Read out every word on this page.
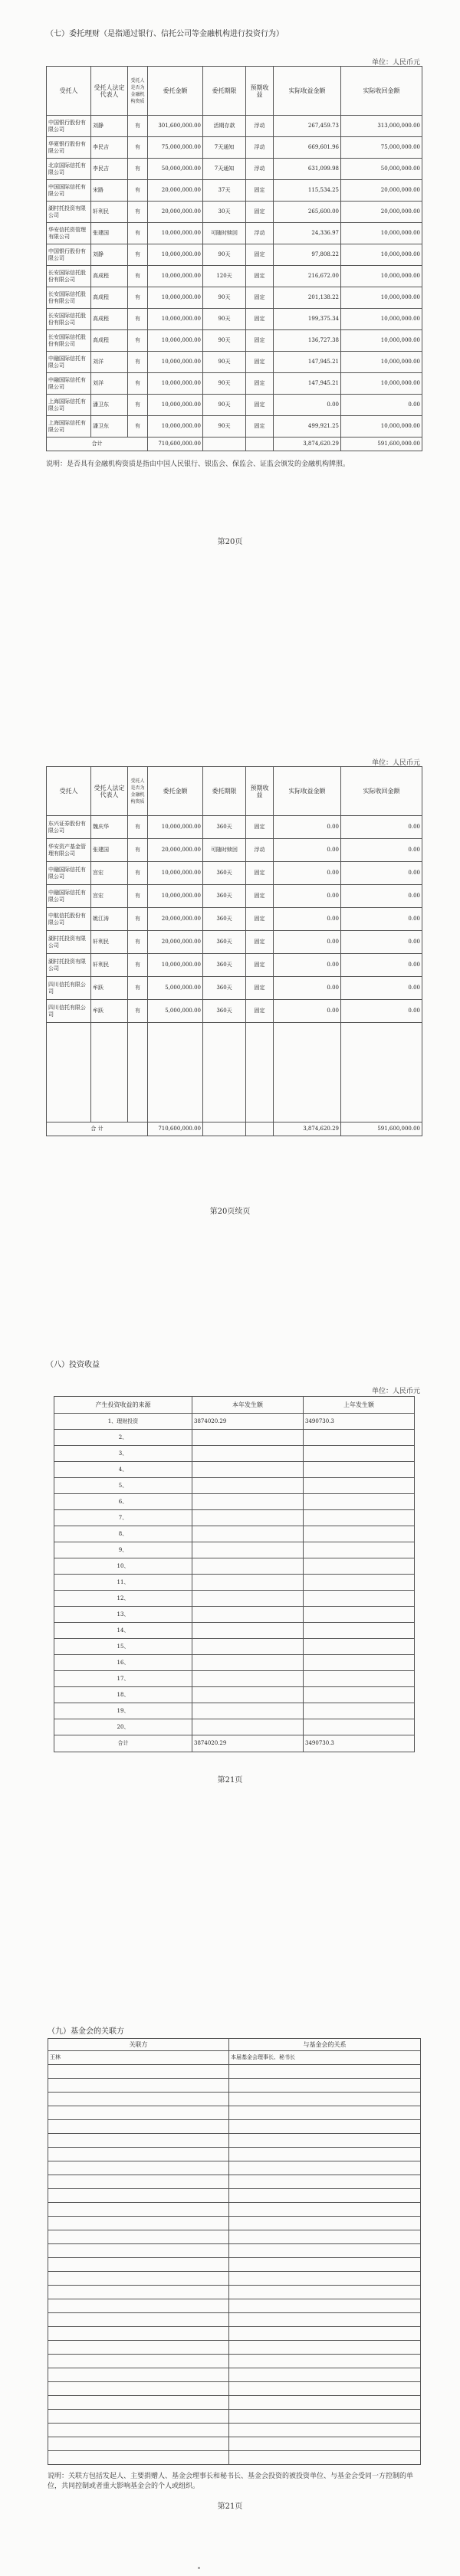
（七）委托理财（是指通过银行、信托公司等金融机构进行投资行为）
单位：人民币元
受托人	受托人法定代表人	受托人是否为金融机构资质	委托金额	委托期限	预期收益	实际收益金额	实际收回金额
中国银行股份有限公司	刘静	有	301,600,000.00	活期存款	浮动	267,459.73	313,000,000.00
华夏银行股份有限公司	李民吉	有	75,000,000.00	7天通知	浮动	669,601.96	75,000,000.00
北京国际信托有限公司	李民吉	有	50,000,000.00	7天通知	浮动	631,099.98	50,000,000.00
中国国际信托有限公司	宋路	有	20,000,000.00	37天	固定	115,534.25	20,000,000.00
湖村托投资有限公司	轩利民	有	20,000,000.00	30天	固定	265,600.00	20,000,000.00
华安信托资管理有限公司	张建国	有	10,000,000.00	可随时赎回	浮动	24,336.97	10,000,000.00
中国银行股份有限公司	刘静	有	10,000,000.00	90天	固定	97,808.22	10,000,000.00
长安国际信托股份有限公司	高成程	有	10,000,000.00	120天	固定	216,672.00	10,000,000.00
长安国际信托股份有限公司	高成程	有	10,000,000.00	90天	固定	201,138.22	10,000,000.00
长安国际信托股份有限公司	高成程	有	10,000,000.00	90天	固定	199,375.34	10,000,000.00
长安国际信托股份有限公司	高成程	有	10,000,000.00	90天	固定	136,727.38	10,000,000.00
中融国际信托有限公司	刘洋	有	10,000,000.00	90天	固定	147,945.21	10,000,000.00
中融国际信托有限公司	刘洋	有	10,000,000.00	90天	固定	147,945.21	10,000,000.00
上海国际信托有限公司	潘卫东	有	10,000,000.00	90天	固定	0.00	0.00
上海国际信托有限公司	潘卫东	有	10,000,000.00	90天	固定	499,921.25	10,000,000.00
合计			710,600,000.00			3,874,620.29	591,600,000.00
说明：是否具有金融机构资质是指由中国人民银行、银监会、保监会、证监会颁发的金融机构牌照。
第20页
单位：人民币元
受托人	受托人法定代表人	受托人是否为金融机构资质	委托金额	委托期限	预期收益	实际收益金额	实际收回金额
东兴证券股份有限公司	魏庆华	有	10,000,000.00	360天	固定	0.00	0.00
华安资产基金管理有限公司	张建国	有	20,000,000.00	可随时赎回	浮动	0.00	0.00
中融国际信托有限公司	宫宏	有	10,000,000.00	360天	固定	0.00	0.00
中融国际信托有限公司	宫宏	有	10,000,000.00	360天	固定	0.00	0.00
中航信托股份有限公司	姚江涛	有	20,000,000.00	360天	固定	0.00	0.00
湖村托投资有限公司	轩利民	有	20,000,000.00	360天	固定	0.00	0.00
湖村托投资有限公司	轩利民	有	10,000,000.00	360天	固定	0.00	0.00
四川信托有限公司	牟跃	有	5,000,000.00	360天	固定	0.00	0.00
四川信托有限公司	牟跃	有	5,000,000.00	360天	固定	0.00	0.00

合 计			710,600,000.00			3,874,620.29	591,600,000.00
第20页续页
（八）投资收益
单位：人民币元
产生投资收益的来源	本年发生额	上年发生额
1、理财投资	3874020.29	3490730.3
2、		
3、		
4、		
5、		
6、		
7、		
8、		
9、		
10、		
11、		
12、		
13、		
14、		
15、		
16、		
17、		
18、		
19、		
20、		
合计	3874020.29	3490730.3
第21页
（九）基金会的关联方
关联方	与基金会的关系
王林	本届基金会理事长、秘书长

说明：关联方包括发起人、主要捐赠人、基金会理事长和秘书长、基金会投资的被投资单位、与基金会受同一方控制的单位，共同控制或者重大影响基金会的个人或组织。
第21页
